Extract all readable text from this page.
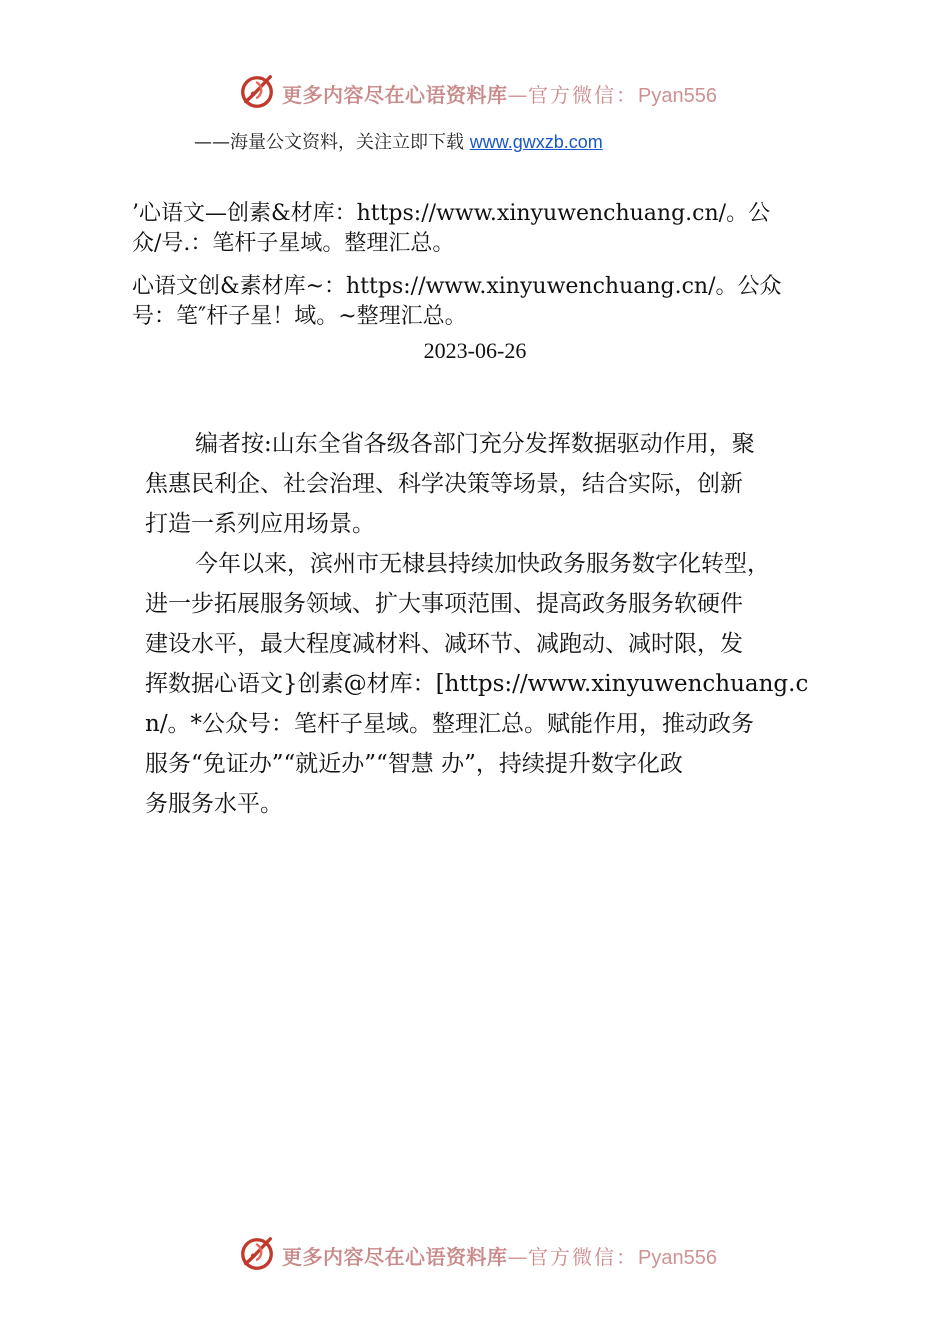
更多内容尽在心语资料库—官方微信：Pyan556
——海量公文资料，关注立即下载 www.gwxzb.com
’心语文—创素&材库：https://www.xinyuwenchuang.cn/。公
众/号.：笔杆子星域。整理汇总。
心语文创&素材库~：https://www.xinyuwenchuang.cn/。公众
号：笔″杆子星！域。~整理汇总。
2023-06-26
编者按:山东全省各级各部门充分发挥数据驱动作用，聚
焦惠民利企、社会治理、科学决策等场景，结合实际，创新
打造一系列应用场景。
今年以来，滨州市无棣县持续加快政务服务数字化转型，
进一步拓展服务领域、扩大事项范围、提高政务服务软硬件
建设水平，最大程度减材料、减环节、减跑动、减时限，发
挥数据心语文}创素@材库：[https://www.xinyuwenchuang.c
n/。*公众号：笔杆子星域。整理汇总。赋能作用，推动政务
服务“免证办”“就近办”“智慧 办”，持续提升数字化政
务服务水平。
更多内容尽在心语资料库—官方微信：Pyan556
